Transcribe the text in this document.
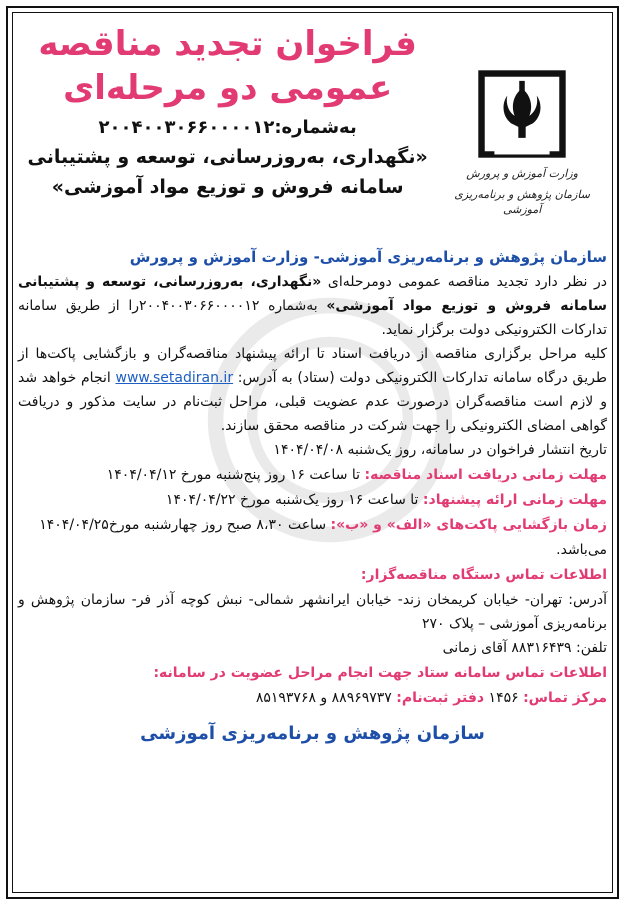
وزارت آموزش و پرورش
سازمان پژوهش و برنامه‌ریزی آموزشی
فراخوان تجدید مناقصه
عمومی دو مرحله‌ای
به‌شماره:۲۰۰۴۰۰۳۰۶۶۰۰۰۰۱۲
«نگهداری، به‌روزرسانی، توسعه و پشتیبانی
سامانه فروش و توزیع مواد آموزشی»
سازمان پژوهش و برنامه‌ریزی آموزشی- وزارت آموزش و پرورش
در نظر دارد تجدید مناقصه عمومی دومرحله‌ای «نگهداری، به‌روزرسانی، توسعه و پشتیبانی سامانه فروش و توزیع مواد آموزشی» به‌شماره ۲۰۰۴۰۰۳۰۶۶۰۰۰۰۱۲را از طریق سامانه تدارکات الکترونیکی دولت برگزار نماید.
کلیه مراحل برگزاری مناقصه از دریافت اسناد تا ارائه پیشنهاد مناقصه‌گران و بازگشایی پاکت‌ها از طریق درگاه سامانه تدارکات الکترونیکی دولت (ستاد) به آدرس: www.setadiran.ir انجام خواهد شد و لازم است مناقصه‌گران درصورت عدم عضویت قبلی، مراحل ثبت‌نام در سایت مذکور و دریافت گواهی امضای الکترونیکی را جهت شرکت در مناقصه محقق سازند.
تاریخ انتشار فراخوان در سامانه، روز یک‌شنبه ۱۴۰۴/۰۴/۰۸
مهلت زمانی دریافت اسناد مناقصه: تا ساعت ۱۶ روز پنج‌شنبه مورخ ۱۴۰۴/۰۴/۱۲
مهلت زمانی ارائه پیشنهاد: تا ساعت ۱۶ روز یک‌شنبه مورخ ۱۴۰۴/۰۴/۲۲
زمان بازگشایی پاکت‌های «الف» و «ب»: ساعت ۸،۳۰ صبح روز چهارشنبه مورخ۱۴۰۴/۰۴/۲۵ می‌باشد.
اطلاعات تماس دستگاه مناقصه‌گزار:
آدرس: تهران- خیابان کریمخان زند- خیابان ایرانشهر شمالی- نبش کوچه آذر فر- سازمان پژوهش و برنامه‌ریزی آموزشی – پلاک ۲۷۰
تلفن: ۸۸۳۱۶۴۳۹ آقای زمانی
اطلاعات تماس سامانه ستاد جهت انجام مراحل عضویت در سامانه:
مرکز تماس: ۱۴۵۶ دفتر ثبت‌نام: ۸۸۹۶۹۷۳۷ و ۸۵۱۹۳۷۶۸
سازمان پژوهش و برنامه‌ریزی آموزشی
